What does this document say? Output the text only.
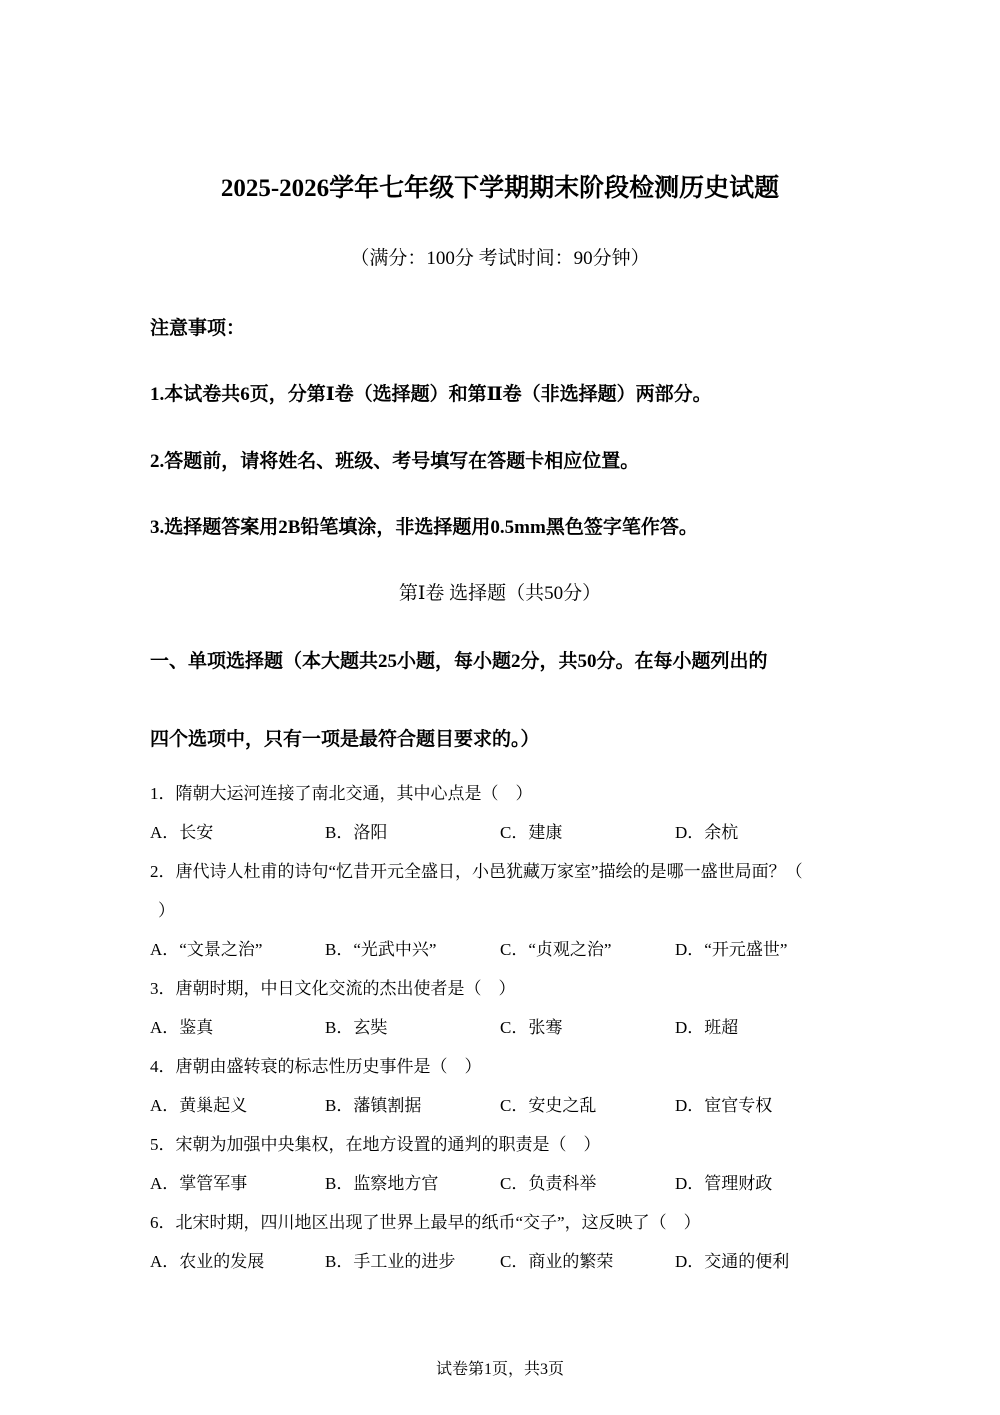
2025-2026学年七年级下学期期末阶段检测历史试题
（满分：100分 考试时间：90分钟）
注意事项：
1.本试卷共6页，分第Ⅰ卷（选择题）和第Ⅱ卷（非选择题）两部分。
2.答题前，请将姓名、班级、考号填写在答题卡相应位置。
3.选择题答案用2B铅笔填涂，非选择题用0.5mm黑色签字笔作答。
第Ⅰ卷 选择题（共50分）
一、单项选择题（本大题共25小题，每小题2分，共50分。在每小题列出的
四个选项中，只有一项是最符合题目要求的。）
1．隋朝大运河连接了南北交通，其中心点是（　）
A．长安	B．洛阳	C．建康	D．余杭
2．唐代诗人杜甫的诗句“忆昔开元全盛日，小邑犹藏万家室”描绘的是哪一盛世局面？（
）
A．“文景之治”	B．“光武中兴”	C．“贞观之治”	D．“开元盛世”
3．唐朝时期，中日文化交流的杰出使者是（　）
A．鉴真	B．玄奘	C．张骞	D．班超
4．唐朝由盛转衰的标志性历史事件是（　）
A．黄巢起义	B．藩镇割据	C．安史之乱	D．宦官专权
5．宋朝为加强中央集权，在地方设置的通判的职责是（　）
A．掌管军事	B．监察地方官	C．负责科举	D．管理财政
6．北宋时期，四川地区出现了世界上最早的纸币“交子”，这反映了（　）
A．农业的发展	B．手工业的进步	C．商业的繁荣	D．交通的便利
试卷第1页，共3页
